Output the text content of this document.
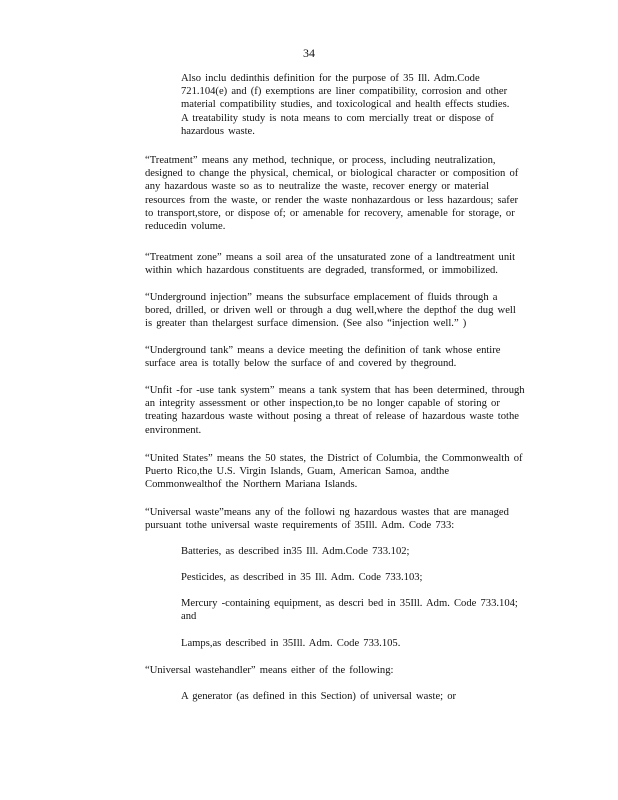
34
Also inclu dedinthis definition for the purpose of 35 Ill. Adm.Code
721.104(e) and (f) exemptions are liner compatibility, corrosion and other
material compatibility studies, and toxicological and health effects studies.
A treatability study is nota means to com mercially treat or dispose of
hazardous waste.
“Treatment” means any method, technique, or process, including neutralization,
designed to change the physical, chemical, or biological character or composition of
any hazardous waste so as to neutralize the waste, recover energy or material
resources from the waste, or render the waste nonhazardous or less hazardous; safer
to transport,store, or dispose of; or amenable for recovery, amenable for storage, or
reducedin volume.
“Treatment zone” means a soil area of the unsaturated zone of a landtreatment unit
within which hazardous constituents are degraded, transformed, or immobilized.
“Underground injection” means the subsurface emplacement of fluids through a
bored, drilled, or driven well or through a dug well,where the depthof the dug well
is greater than thelargest surface dimension. (See also “injection well.” )
“Underground tank” means a device meeting the definition of tank whose entire
surface area is totally below the surface of and covered by theground.
“Unfit -for -use tank system” means a tank system that has been determined, through
an integrity assessment or other inspection,to be no longer capable of storing or
treating hazardous waste without posing a threat of release of hazardous waste tothe
environment.
“United States” means the 50 states, the District of Columbia, the Commonwealth of
Puerto Rico,the U.S. Virgin Islands, Guam, American Samoa, andthe
Commonwealthof the Northern Mariana Islands.
“Universal waste”means any of the followi ng hazardous wastes that are managed
pursuant tothe universal waste requirements of 35Ill. Adm. Code 733:
Batteries, as described in35 Ill. Adm.Code 733.102;
Pesticides, as described in 35 Ill. Adm. Code 733.103;
Mercury -containing equipment, as descri bed in 35Ill. Adm. Code 733.104;
and
Lamps,as described in 35Ill. Adm. Code 733.105.
“Universal wastehandler” means either of the following:
A generator (as defined in this Section) of universal waste; or
